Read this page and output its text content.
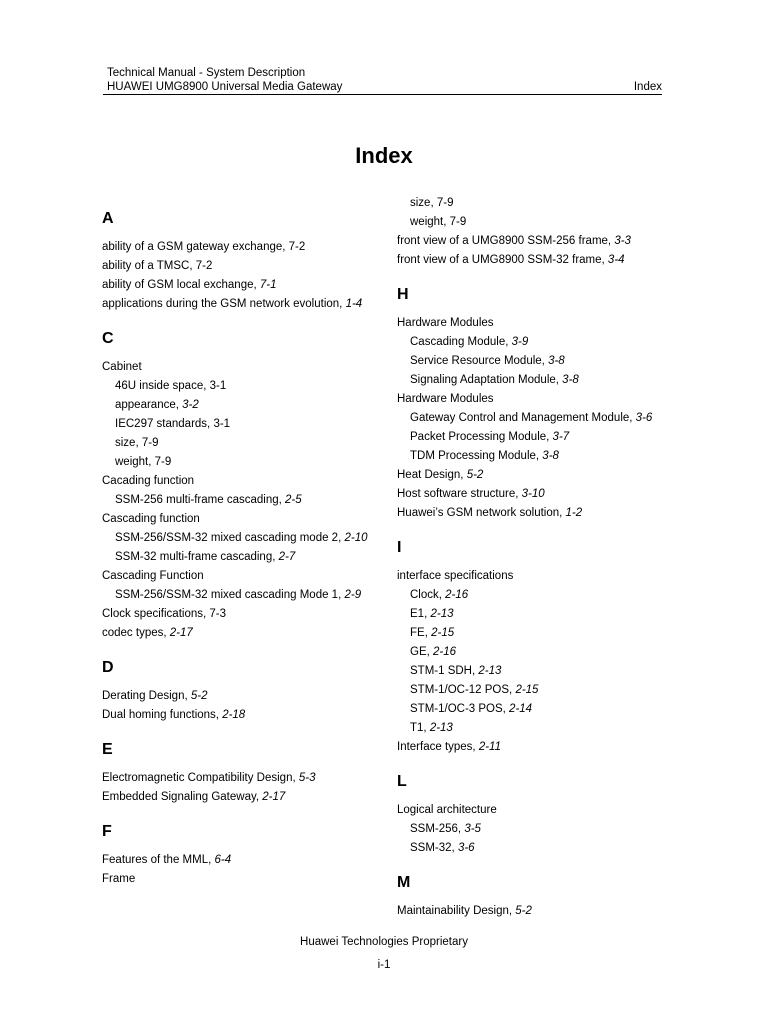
Technical Manual - System Description
HUAWEI UMG8900 Universal Media Gateway	Index
Index
A
ability of a GSM gateway exchange, 7-2
ability of a TMSC, 7-2
ability of GSM local exchange, 7-1
applications during the GSM network evolution, 1-4
C
Cabinet
46U inside space, 3-1
appearance, 3-2
IEC297 standards, 3-1
size, 7-9
weight, 7-9
Cacading function
SSM-256 multi-frame cascading, 2-5
Cascading function
SSM-256/SSM-32 mixed cascading mode 2, 2-10
SSM-32 multi-frame cascading, 2-7
Cascading Function
SSM-256/SSM-32 mixed cascading Mode 1, 2-9
Clock specifications, 7-3
codec types, 2-17
D
Derating Design, 5-2
Dual homing functions, 2-18
E
Electromagnetic Compatibility Design, 5-3
Embedded Signaling Gateway, 2-17
F
Features of the MML, 6-4
Frame
size, 7-9
weight, 7-9
front view of a UMG8900 SSM-256 frame, 3-3
front view of a UMG8900 SSM-32 frame, 3-4
H
Hardware Modules
Cascading Module, 3-9
Service Resource Module, 3-8
Signaling Adaptation Module, 3-8
Hardware Modules
Gateway Control and Management Module, 3-6
Packet Processing Module, 3-7
TDM Processing Module, 3-8
Heat Design, 5-2
Host software structure, 3-10
Huawei’s GSM network solution, 1-2
I
interface specifications
Clock, 2-16
E1, 2-13
FE, 2-15
GE, 2-16
STM-1 SDH, 2-13
STM-1/OC-12 POS, 2-15
STM-1/OC-3 POS, 2-14
T1, 2-13
Interface types, 2-11
L
Logical architecture
SSM-256, 3-5
SSM-32, 3-6
M
Maintainability Design, 5-2
Huawei Technologies Proprietary
i-1
